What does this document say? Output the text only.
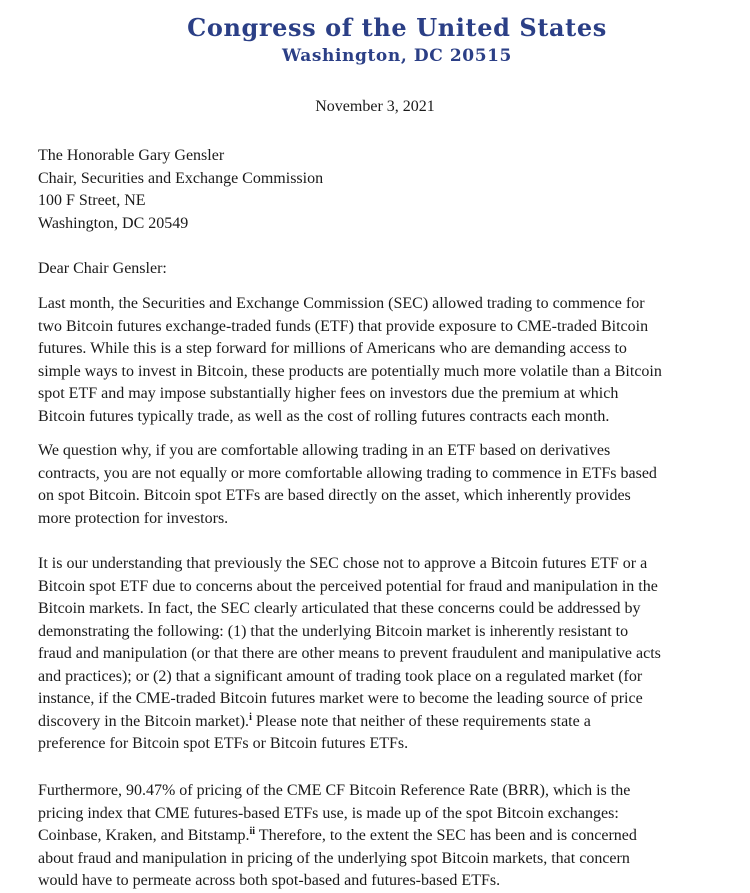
Congress of the United States
Washington, DC 20515
November 3, 2021
The Honorable Gary Gensler
Chair, Securities and Exchange Commission
100 F Street, NE
Washington, DC 20549
Dear Chair Gensler:
Last month, the Securities and Exchange Commission (SEC) allowed trading to commence for
two Bitcoin futures exchange-traded funds (ETF) that provide exposure to CME-traded Bitcoin
futures. While this is a step forward for millions of Americans who are demanding access to
simple ways to invest in Bitcoin, these products are potentially much more volatile than a Bitcoin
spot ETF and may impose substantially higher fees on investors due the premium at which
Bitcoin futures typically trade, as well as the cost of rolling futures contracts each month.
We question why, if you are comfortable allowing trading in an ETF based on derivatives
contracts, you are not equally or more comfortable allowing trading to commence in ETFs based
on spot Bitcoin. Bitcoin spot ETFs are based directly on the asset, which inherently provides
more protection for investors.
It is our understanding that previously the SEC chose not to approve a Bitcoin futures ETF or a
Bitcoin spot ETF due to concerns about the perceived potential for fraud and manipulation in the
Bitcoin markets. In fact, the SEC clearly articulated that these concerns could be addressed by
demonstrating the following: (1) that the underlying Bitcoin market is inherently resistant to
fraud and manipulation (or that there are other means to prevent fraudulent and manipulative acts
and practices); or (2) that a significant amount of trading took place on a regulated market (for
instance, if the CME-traded Bitcoin futures market were to become the leading source of price
discovery in the Bitcoin market).$^i$ Please note that neither of these requirements state a
preference for Bitcoin spot ETFs or Bitcoin futures ETFs.
Furthermore, 90.47% of pricing of the CME CF Bitcoin Reference Rate (BRR), which is the
pricing index that CME futures-based ETFs use, is made up of the spot Bitcoin exchanges:
Coinbase, Kraken, and Bitstamp.$^{ii}$ Therefore, to the extent the SEC has been and is concerned
about fraud and manipulation in pricing of the underlying spot Bitcoin markets, that concern
would have to permeate across both spot-based and futures-based ETFs.
